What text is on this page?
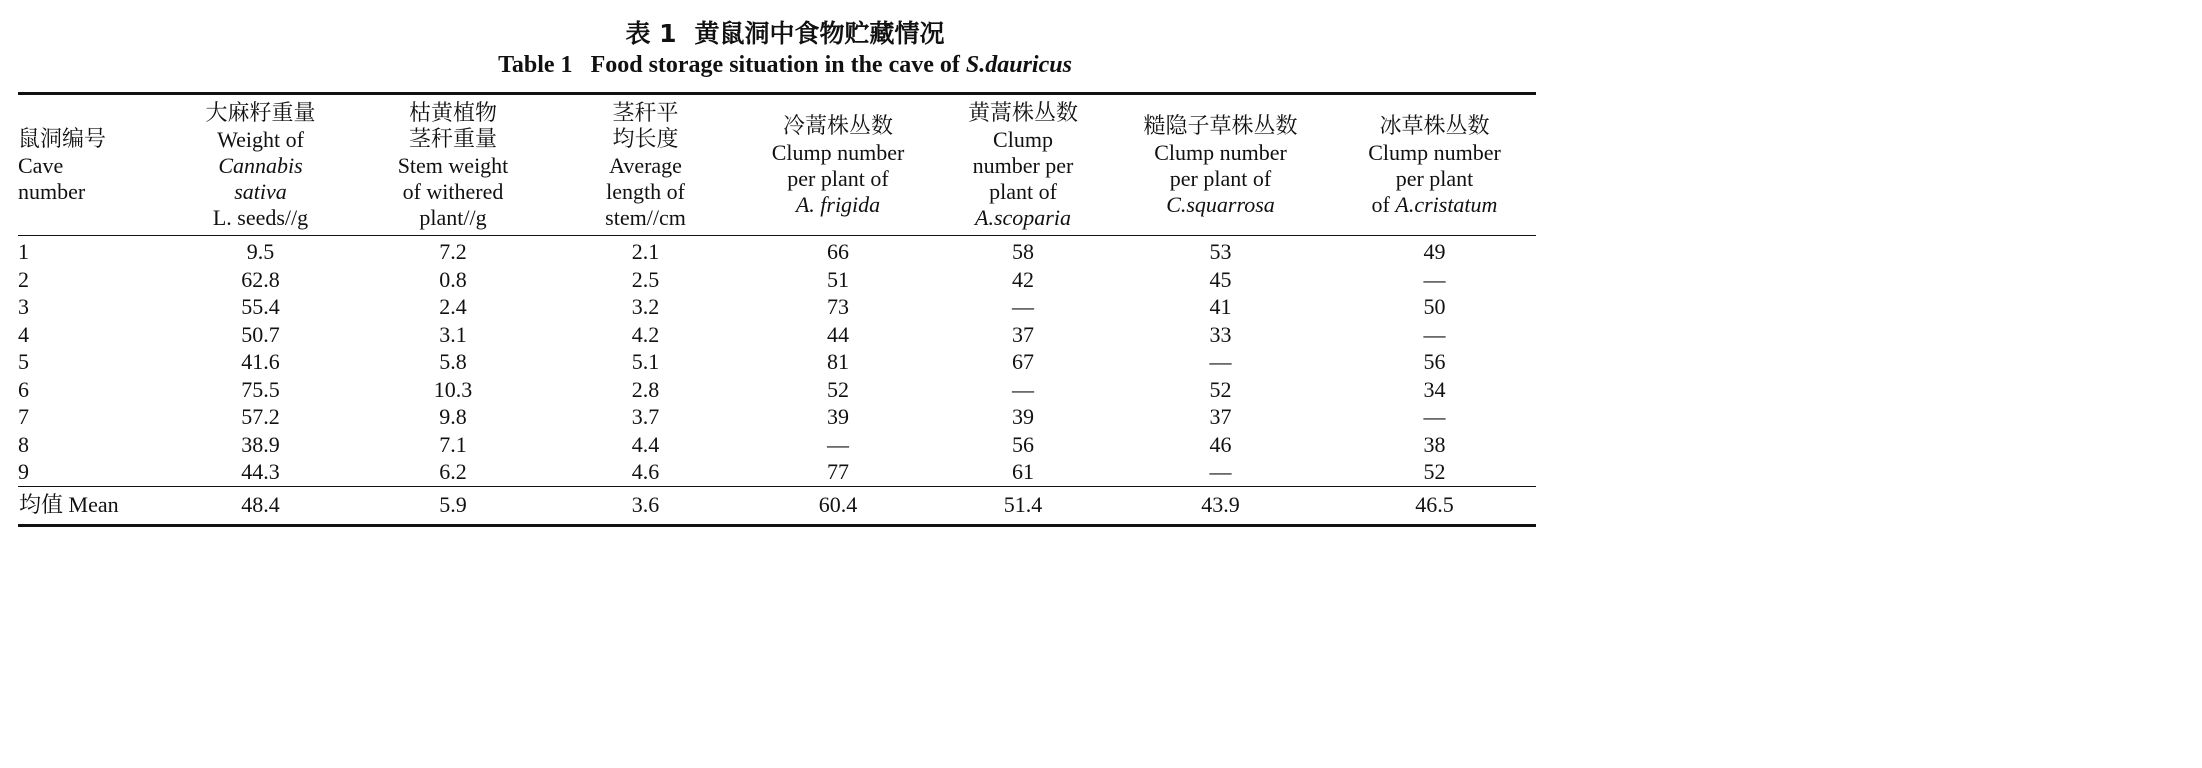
表 1 黄鼠洞中食物贮藏情况
Table 1 Food storage situation in the cave of S.dauricus
鼠洞编号
Cave
number	大麻籽重量
Weight of
Cannabis
sativa
L. seeds//g	枯黄植物
茎秆重量
Stem weight
of withered
plant//g	茎秆平
均长度
Average
length of
stem//cm	冷蒿株丛数
Clump number
per plant of
A. frigida	黄蒿株丛数
Clump
number per
plant of
A.scoparia	糙隐子草株丛数
Clump number
per plant of
C.squarrosa	冰草株丛数
Clump number
per plant
of A.cristatum

1	9.5	7.2	2.1	66	58	53	49
2	62.8	0.8	2.5	51	42	45	—
3	55.4	2.4	3.2	73	—	41	50
4	50.7	3.1	4.2	44	37	33	—
5	41.6	5.8	5.1	81	67	—	56
6	75.5	10.3	2.8	52	—	52	34
7	57.2	9.8	3.7	39	39	37	—
8	38.9	7.1	4.4	—	56	46	38
9	44.3	6.2	4.6	77	61	—	52
均值 Mean	48.4	5.9	3.6	60.4	51.4	43.9	46.5
